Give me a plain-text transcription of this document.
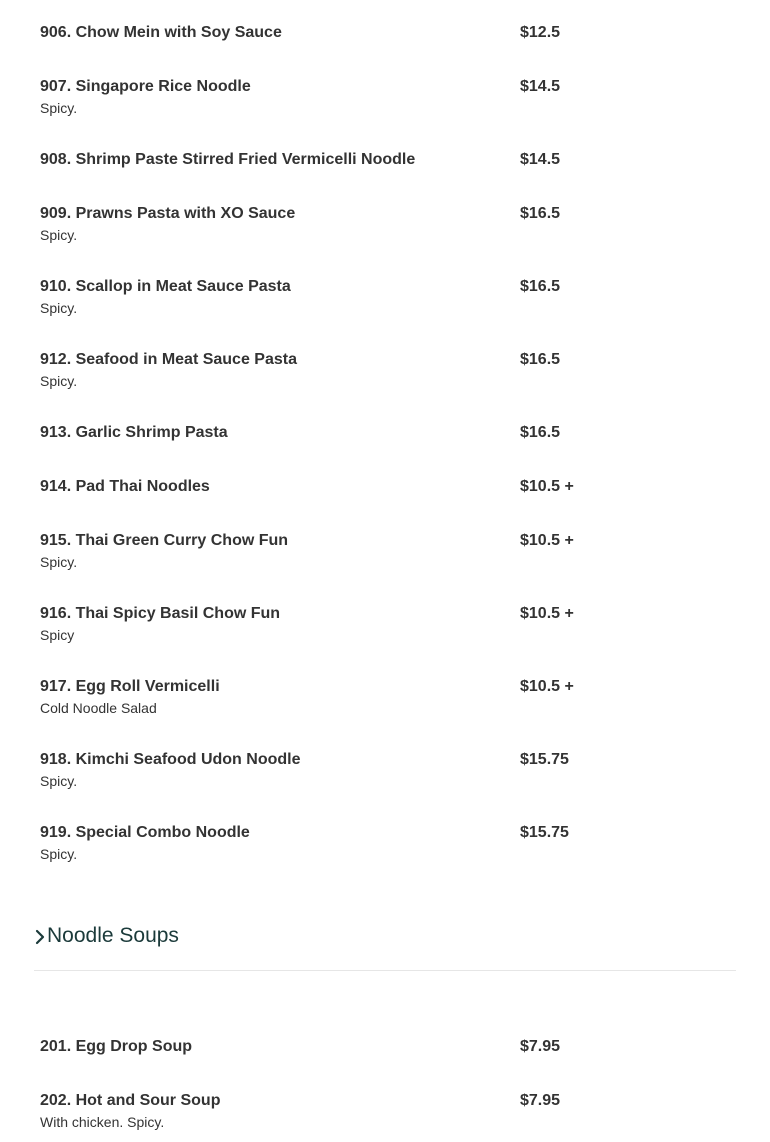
906. Chow Mein with Soy Sauce	$12.5
907. Singapore Rice Noodle	$14.5
Spicy.
908. Shrimp Paste Stirred Fried Vermicelli Noodle	$14.5
909. Prawns Pasta with XO Sauce	$16.5
Spicy.
910. Scallop in Meat Sauce Pasta	$16.5
Spicy.
912. Seafood in Meat Sauce Pasta	$16.5
Spicy.
913. Garlic Shrimp Pasta	$16.5
914. Pad Thai Noodles	$10.5 +
915. Thai Green Curry Chow Fun	$10.5 +
Spicy.
916. Thai Spicy Basil Chow Fun	$10.5 +
Spicy
917. Egg Roll Vermicelli	$10.5 +
Cold Noodle Salad
918. Kimchi Seafood Udon Noodle	$15.75
Spicy.
919. Special Combo Noodle	$15.75
Spicy.
Noodle Soups
201. Egg Drop Soup	$7.95
202. Hot and Sour Soup	$7.95
With chicken. Spicy.
